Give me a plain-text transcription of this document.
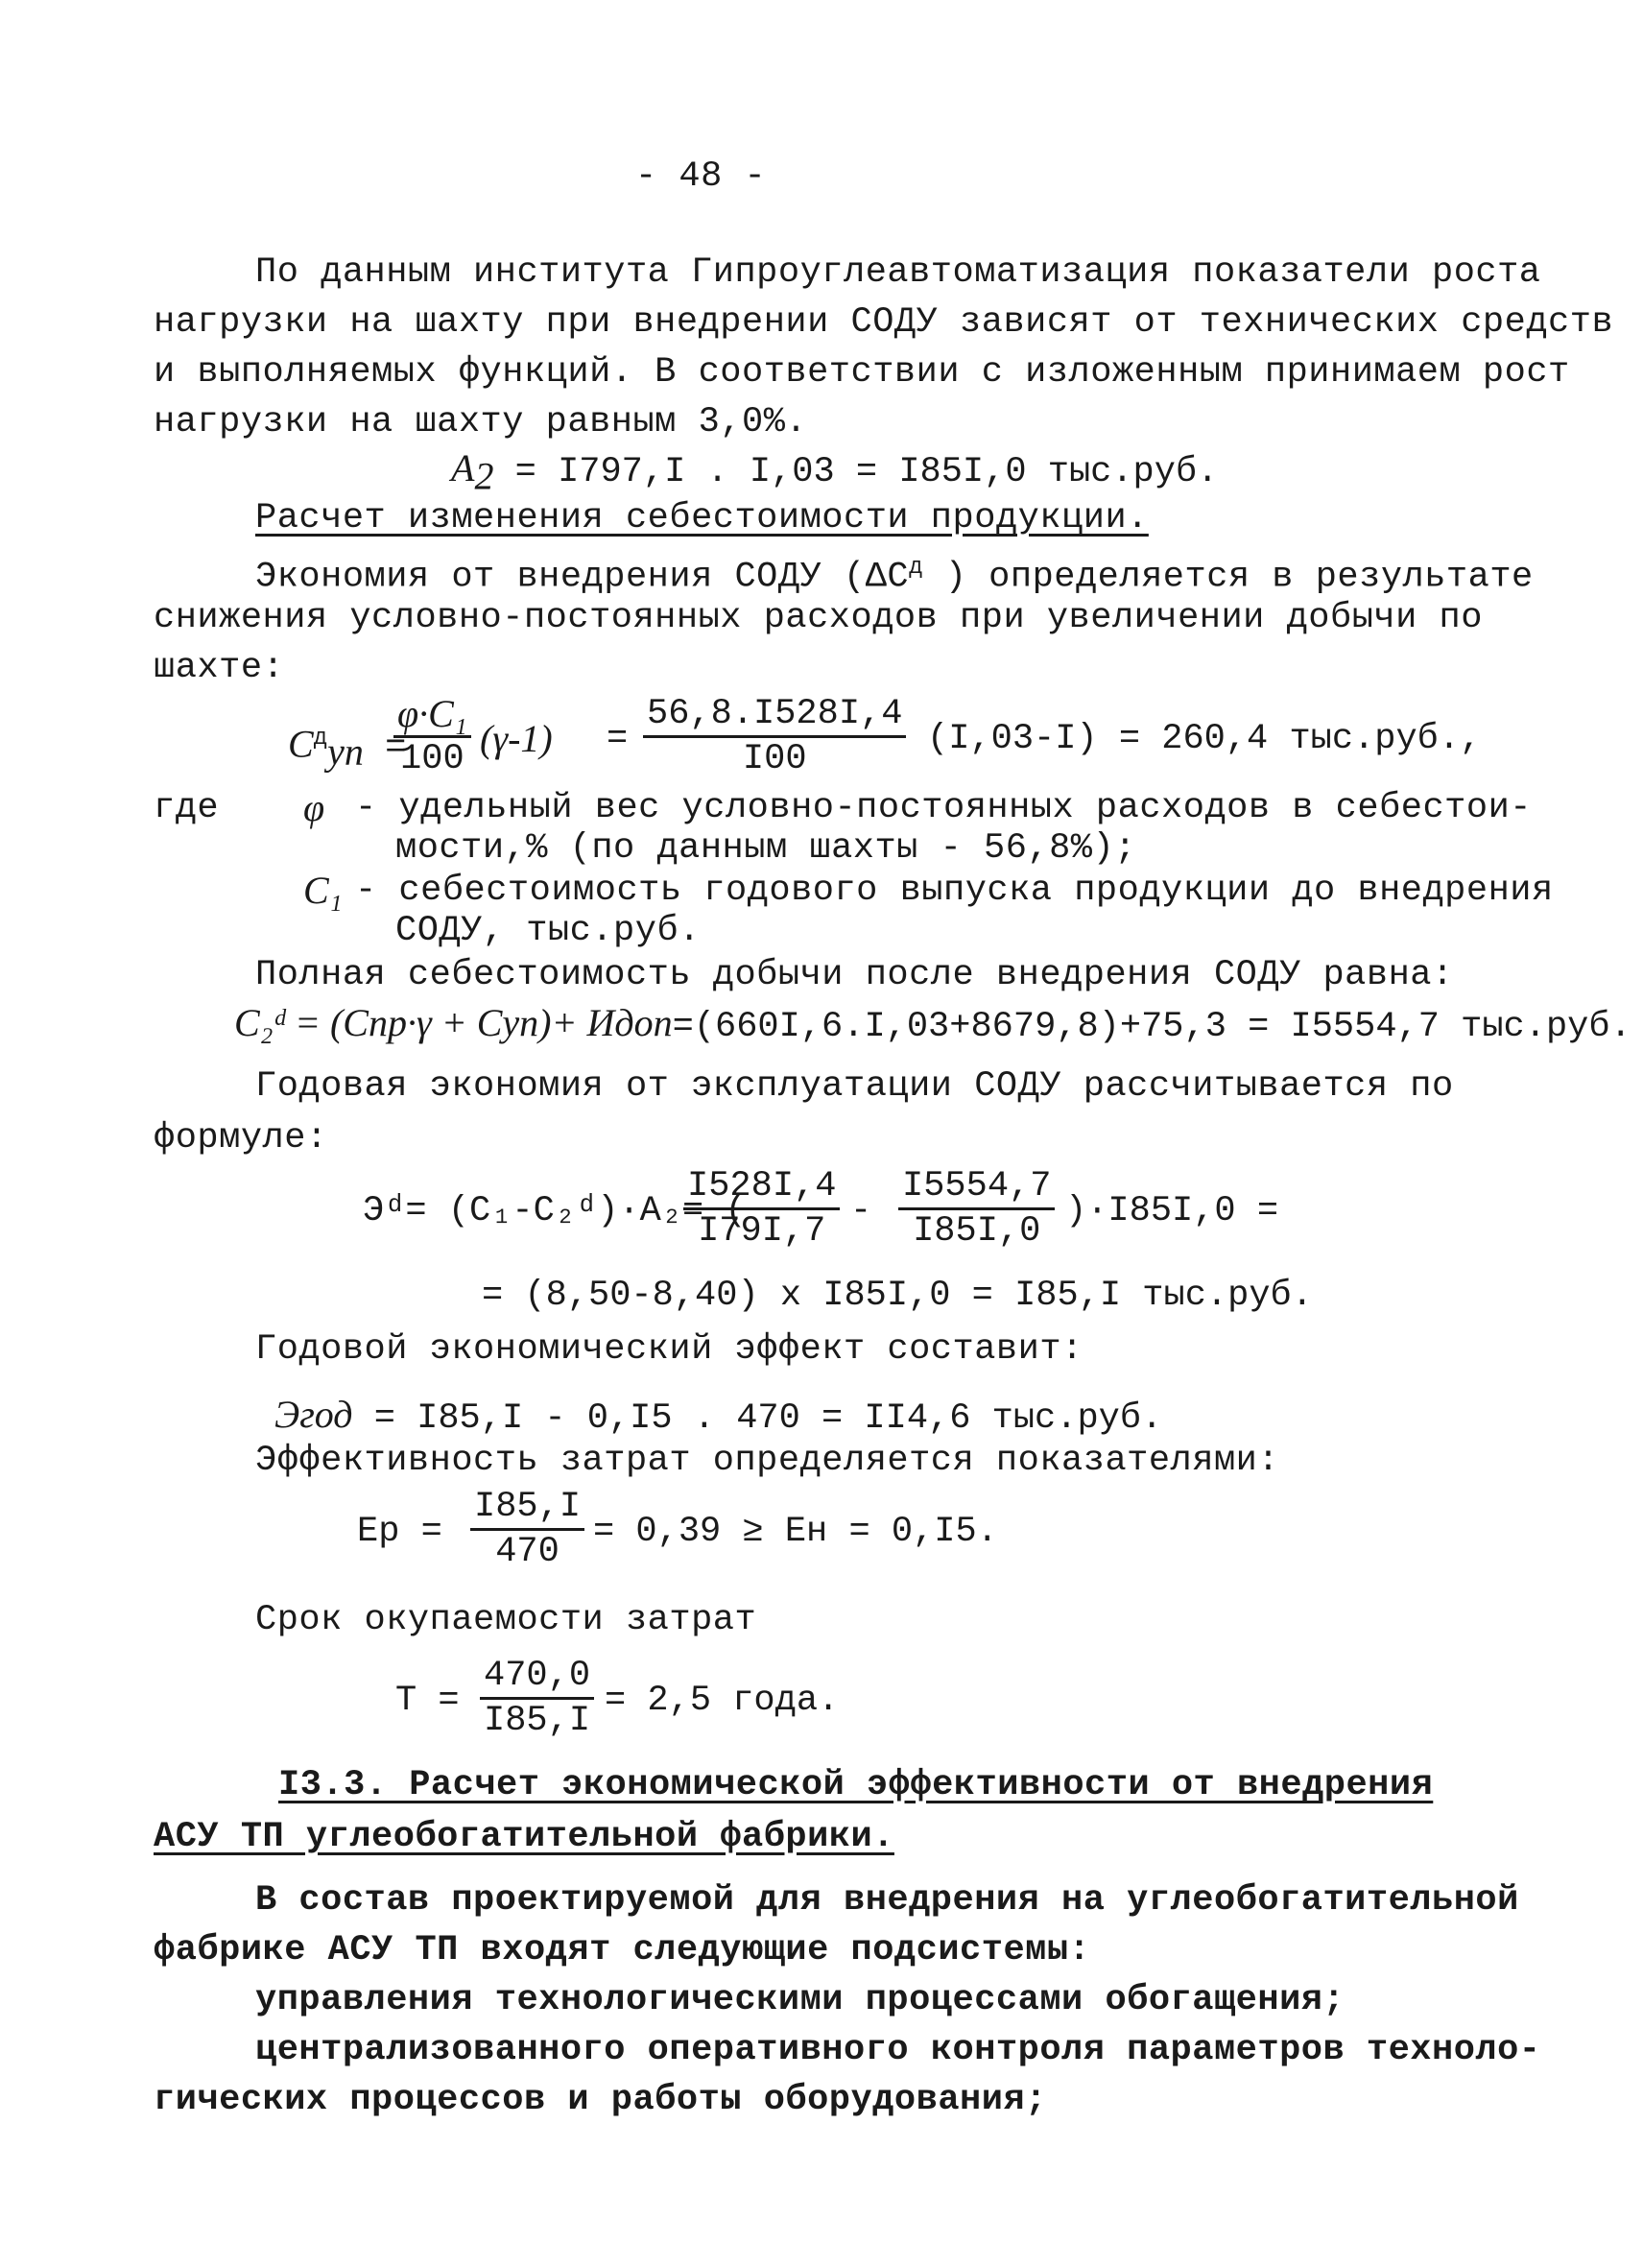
- 48 -
По данным института Гипроуглеавтоматизация показатели роста
нагрузки на шахту при внедрении СОДУ зависят от технических средств
и выполняемых функций. В соответствии с изложенным принимаем рост
нагрузки на шахту равным 3,0%.
$A_2 = I797,I$ . I,03 = I85I,0 тыс.руб.
Расчет изменения себестоимости продукции.
Экономия от внедрения СОДУ ($\Delta C^д$ ) определяется в результате
снижения условно-постоянных расходов при увеличении добычи по
шахте:
$C^д_{уп}$ =
$\frac{\text{φ·C₁}}{100} (\gamma-1) = \frac{56,8.I528I,4}{I00} (I,03-I) = 260,4$ тыс.руб.,
где φ - удельный вес условно-постоянных расходов в себестои-
мости,% (по данным шахты - 56,8%);
C₁ - себестоимость годового выпуска продукции до внедрения
СОДУ, тыс.руб.
Полная себестоимость добычи после внедрения СОДУ равна:
C₂ᵈ = (Cпр·γ + Cуп)+ Идоп=(660I,6.I,03+8679,8)+75,3 = I5554,7 тыс.руб.
Годовая экономия от эксплуатации СОДУ рассчитывается по
формуле:
Эᵈ= (C₁-C₂ᵈ)·A₂= (
$\frac{I528I,4}{I79I,7} - \frac{I5554,7}{I85I,0} )\cdot I85I,0$ =
= (8,50-8,40) x I85I,0 = I85,I тыс.руб.
Годовой экономический эффект составит:
Эгод = I85,I - 0,I5 . 470 = II4,6 тыс.руб.
Эффективность затрат определяется показателями:
Eр = $\frac{I85,I}{470} = 0,39$ ≥ Eн = 0,I5.
Срок окупаемости затрат
$T = \frac{470,0}{I85,I} = 2,5$ года.
I3.3. Расчет экономической эффективности от внедрения
АСУ ТП углеобогатительной фабрики.
В состав проектируемой для внедрения на углеобогатительной
фабрике АСУ ТП входят следующие подсистемы:
управления технологическими процессами обогащения;
централизованного оперативного контроля параметров техноло-
гических процессов и работы оборудования;
